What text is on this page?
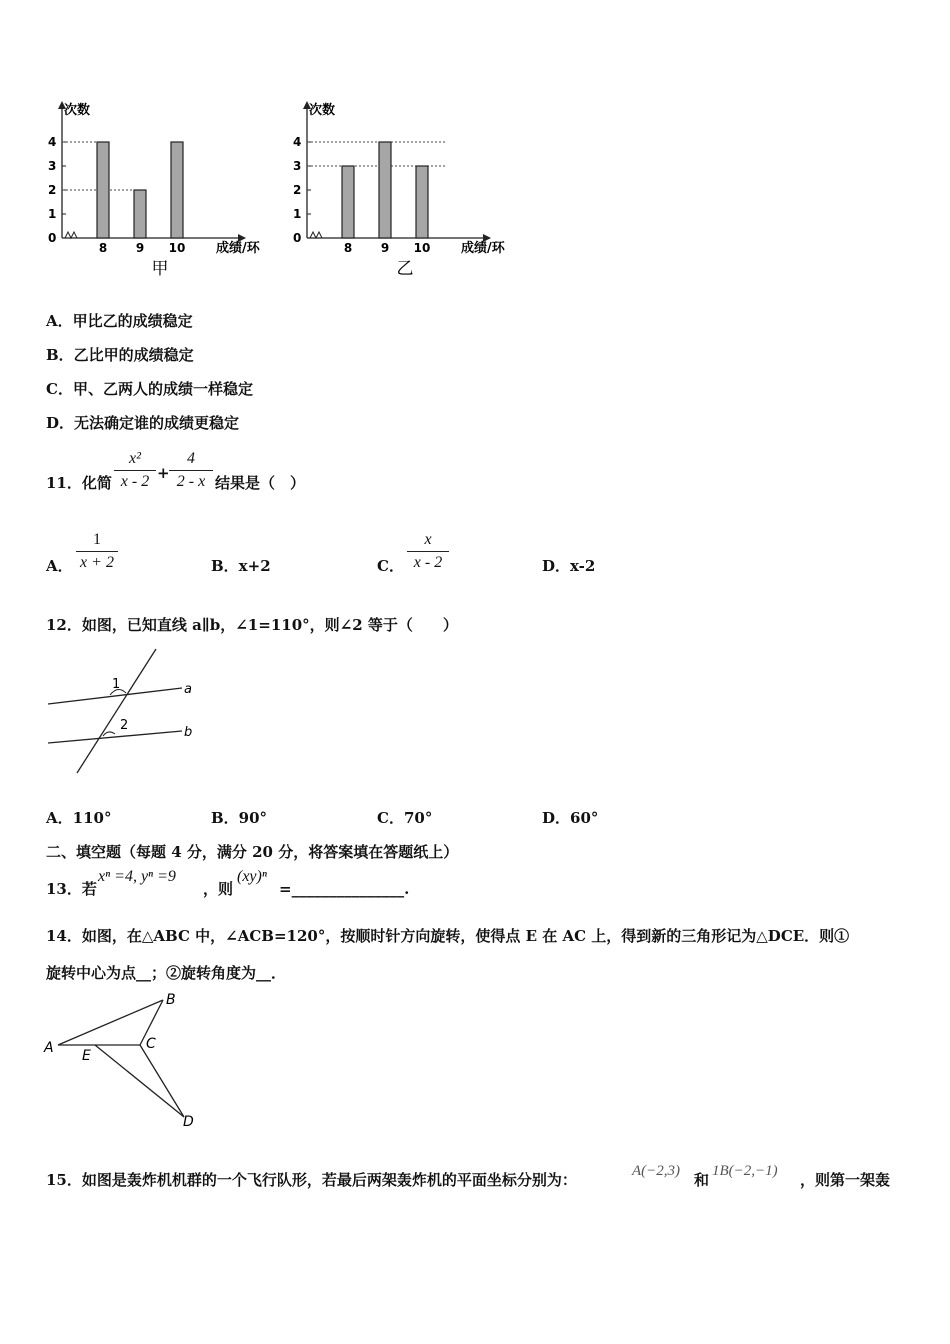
次数
0
1
2
3
4
8 9 10 成绩/环
甲
次数
0
1
2
3
4
8 9 10 成绩/环
乙
A．甲比乙的成绩稳定
B．乙比甲的成绩稳定
C．甲、乙两人的成绩一样稳定
D．无法确定谁的成绩更稳定
11．化简
x²
x - 2 +
4
2 - x 结果是（　）
A．
1
x + 2	B．x+2	C．
x
x - 2	D．x-2
12．如图，已知直线 a∥b，∠1=110°，则∠2 等于（　　）
1
2
a
b
A．110°	B．90°	C．70°	D．60°
二、填空题（每题 4 分，满分 20 分，将答案填在答题纸上）
13．若
xⁿ =4, yⁿ =9
，则
(xy)ⁿ
=_______________.
14．如图，在△ABC 中，∠ACB=120°，按顺时针方向旋转，使得点 E 在 AC 上，得到新的三角形记为△DCE．则①
旋转中心为点__；②旋转角度为__．
A
B
C
D
E
15．如图是轰炸机机群的一个飞行队形，若最后两架轰炸机的平面坐标分别为：	A(−2,3) 和 1B(−2,−1) ，则第一架轰
